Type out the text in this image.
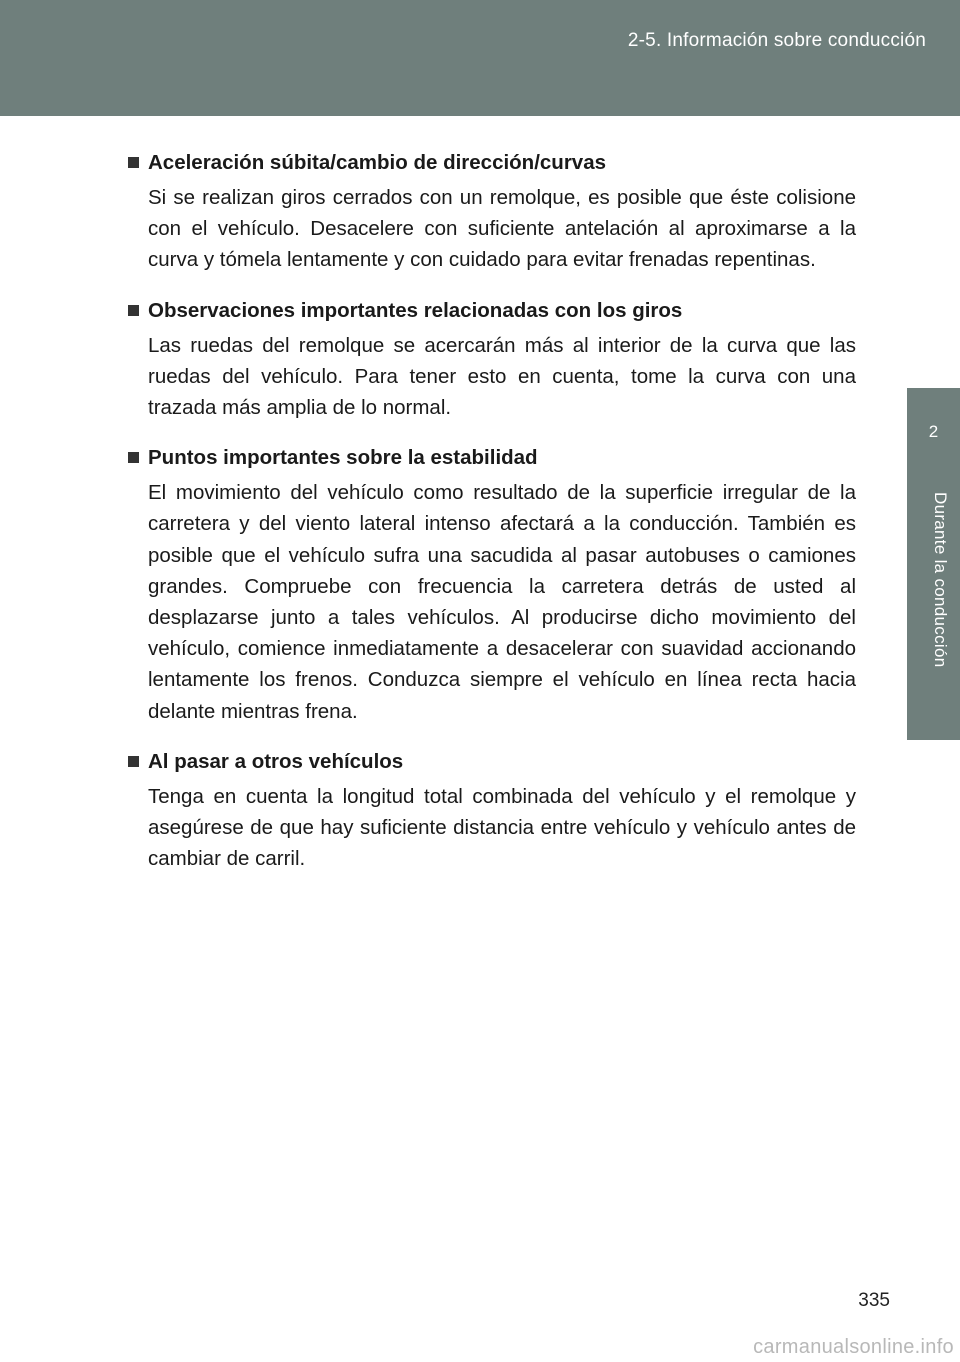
2-5. Información sobre conducción
2
Durante la conducción
Aceleración súbita/cambio de dirección/curvas
Si se realizan giros cerrados con un remolque, es posible que éste colisione con el vehículo. Desacelere con suficiente antelación al aproximarse a la curva y tómela lentamente y con cuidado para evitar frenadas repentinas.
Observaciones importantes relacionadas con los giros
Las ruedas del remolque se acercarán más al interior de la curva que las ruedas del vehículo. Para tener esto en cuenta, tome la curva con una trazada más amplia de lo normal.
Puntos importantes sobre la estabilidad
El movimiento del vehículo como resultado de la superficie irregular de la carretera y del viento lateral intenso afectará a la conducción. También es posible que el vehículo sufra una sacudida al pasar autobuses o camiones grandes. Compruebe con frecuencia la carretera detrás de usted al desplazarse junto a tales vehículos. Al producirse dicho movimiento del vehículo, comience inmediatamente a desacelerar con suavidad accionando lentamente los frenos. Conduzca siempre el vehículo en línea recta hacia delante mientras frena.
Al pasar a otros vehículos
Tenga en cuenta la longitud total combinada del vehículo y el remolque y asegúrese de que hay suficiente distancia entre vehículo y vehículo antes de cambiar de carril.
335
carmanualsonline.info
